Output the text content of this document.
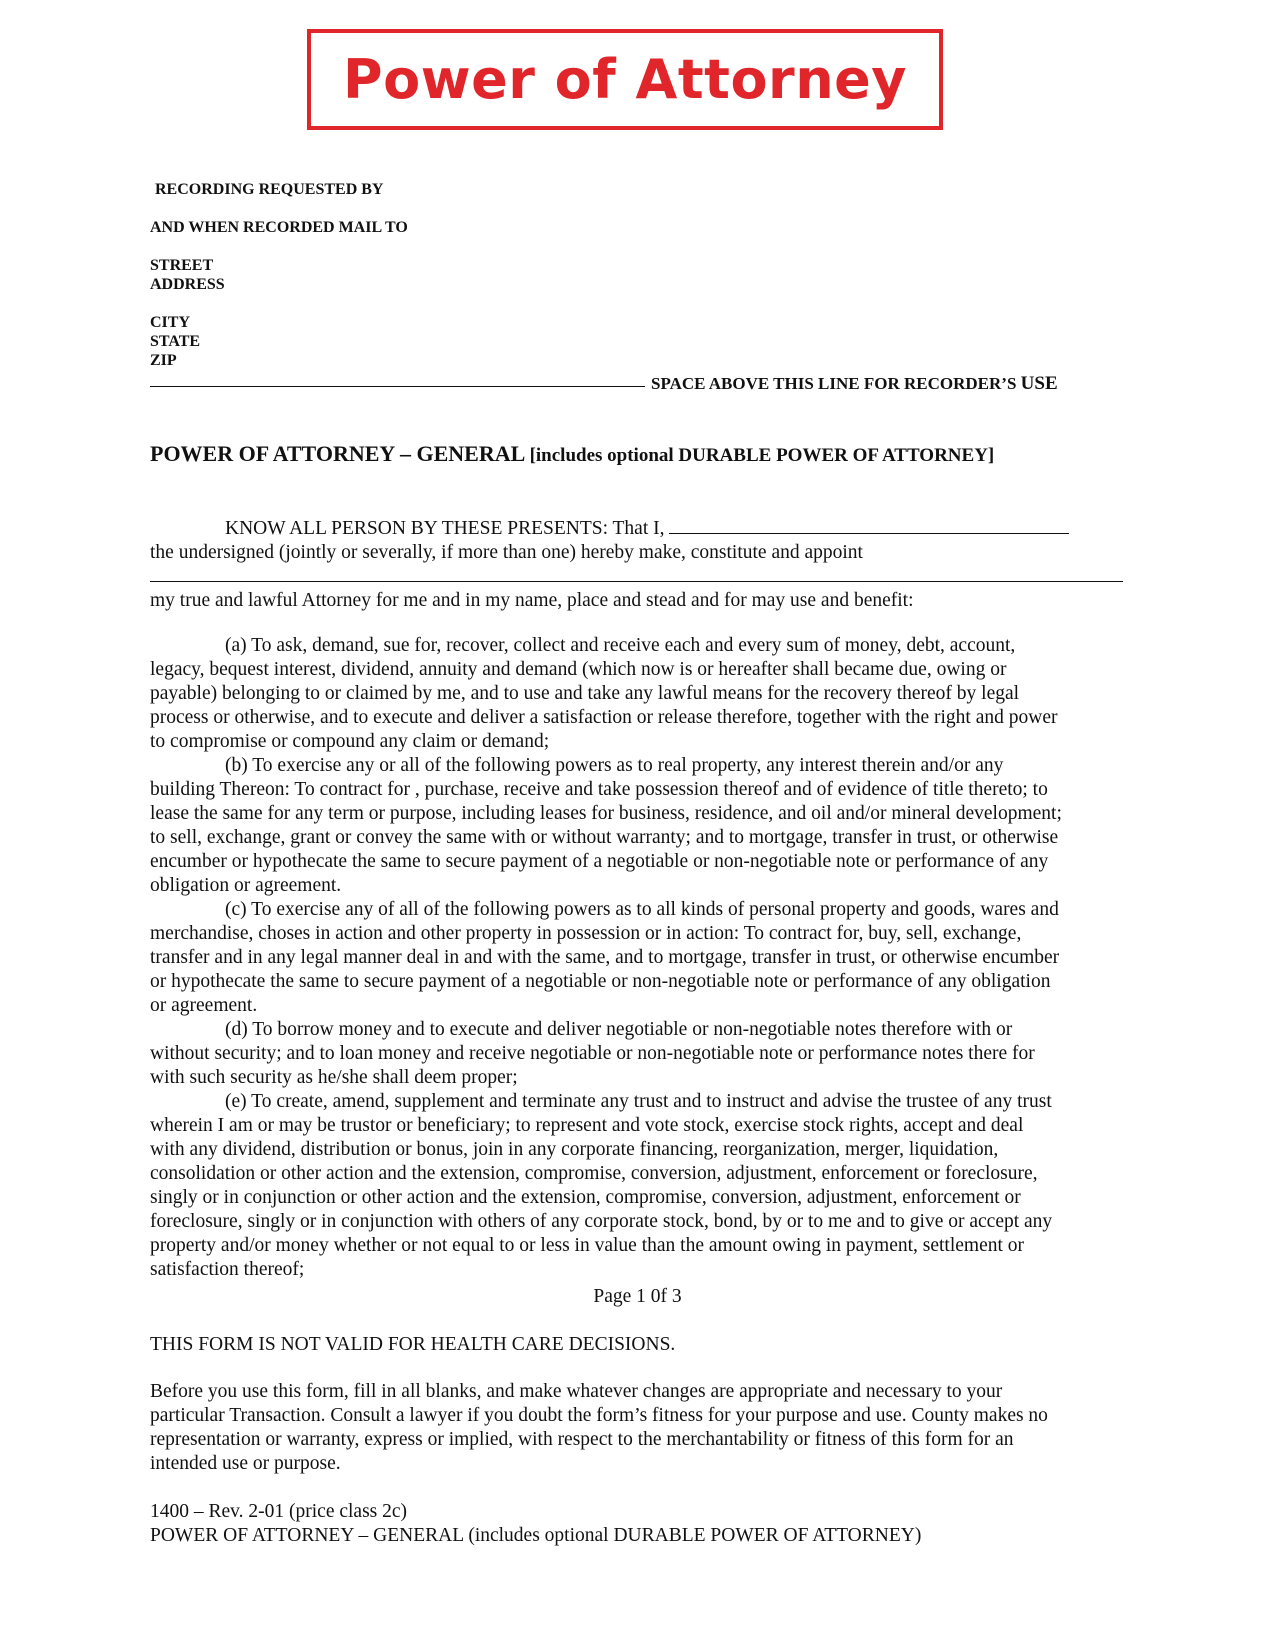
Power of Attorney
RECORDING REQUESTED BY
AND WHEN RECORDED MAIL TO
STREET
ADDRESS
CITY
STATE
ZIP
SPACE ABOVE THIS LINE FOR RECORDER’S USE
POWER OF ATTORNEY – GENERAL [includes optional DURABLE POWER OF ATTORNEY]
KNOW ALL PERSON BY THESE PRESENTS: That I,
the undersigned (jointly or severally, if more than one) hereby make, constitute and appoint
my true and lawful Attorney for me and in my name, place and stead and for may use and benefit:
(a) To ask, demand, sue for, recover, collect and receive each and every sum of money, debt, account,
legacy, bequest interest, dividend, annuity and demand (which now is or hereafter shall became due, owing or
payable) belonging to or claimed by me, and to use and take any lawful means for the recovery thereof by legal
process or otherwise, and to execute and deliver a satisfaction or release therefore, together with the right and power
to compromise or compound any claim or demand;
(b) To exercise any or all of the following powers as to real property, any interest therein and/or any
building Thereon: To contract for , purchase, receive and take possession thereof and of evidence of title thereto; to
lease the same for any term or purpose, including leases for business, residence, and oil and/or mineral development;
to sell, exchange, grant or convey the same with or without warranty; and to mortgage, transfer in trust, or otherwise
encumber or hypothecate the same to secure payment of a negotiable or non-negotiable note or performance of any
obligation or agreement.
(c) To exercise any of all of the following powers as to all kinds of personal property and goods, wares and
merchandise, choses in action and other property in possession or in action: To contract for, buy, sell, exchange,
transfer and in any legal manner deal in and with the same, and to mortgage, transfer in trust, or otherwise encumber
or hypothecate the same to secure payment of a negotiable or non-negotiable note or performance of any obligation
or agreement.
(d) To borrow money and to execute and deliver negotiable or non-negotiable notes therefore with or
without security; and to loan money and receive negotiable or non-negotiable note or performance notes there for
with such security as he/she shall deem proper;
(e) To create, amend, supplement and terminate any trust and to instruct and advise the trustee of any trust
wherein I am or may be trustor or beneficiary; to represent and vote stock, exercise stock rights, accept and deal
with any dividend, distribution or bonus, join in any corporate financing, reorganization, merger, liquidation,
consolidation or other action and the extension, compromise, conversion, adjustment, enforcement or foreclosure,
singly or in conjunction or other action and the extension, compromise, conversion, adjustment, enforcement or
foreclosure, singly or in conjunction with others of any corporate stock, bond, by or to me and to give or accept any
property and/or money whether or not equal to or less in value than the amount owing in payment, settlement or
satisfaction thereof;
Page 1 0f 3
THIS FORM IS NOT VALID FOR HEALTH CARE DECISIONS.
Before you use this form, fill in all blanks, and make whatever changes are appropriate and necessary to your
particular Transaction. Consult a lawyer if you doubt the form’s fitness for your purpose and use. County makes no
representation or warranty, express or implied, with respect to the merchantability or fitness of this form for an
intended use or purpose.
1400 – Rev. 2-01 (price class 2c)
POWER OF ATTORNEY – GENERAL (includes optional DURABLE POWER OF ATTORNEY)
